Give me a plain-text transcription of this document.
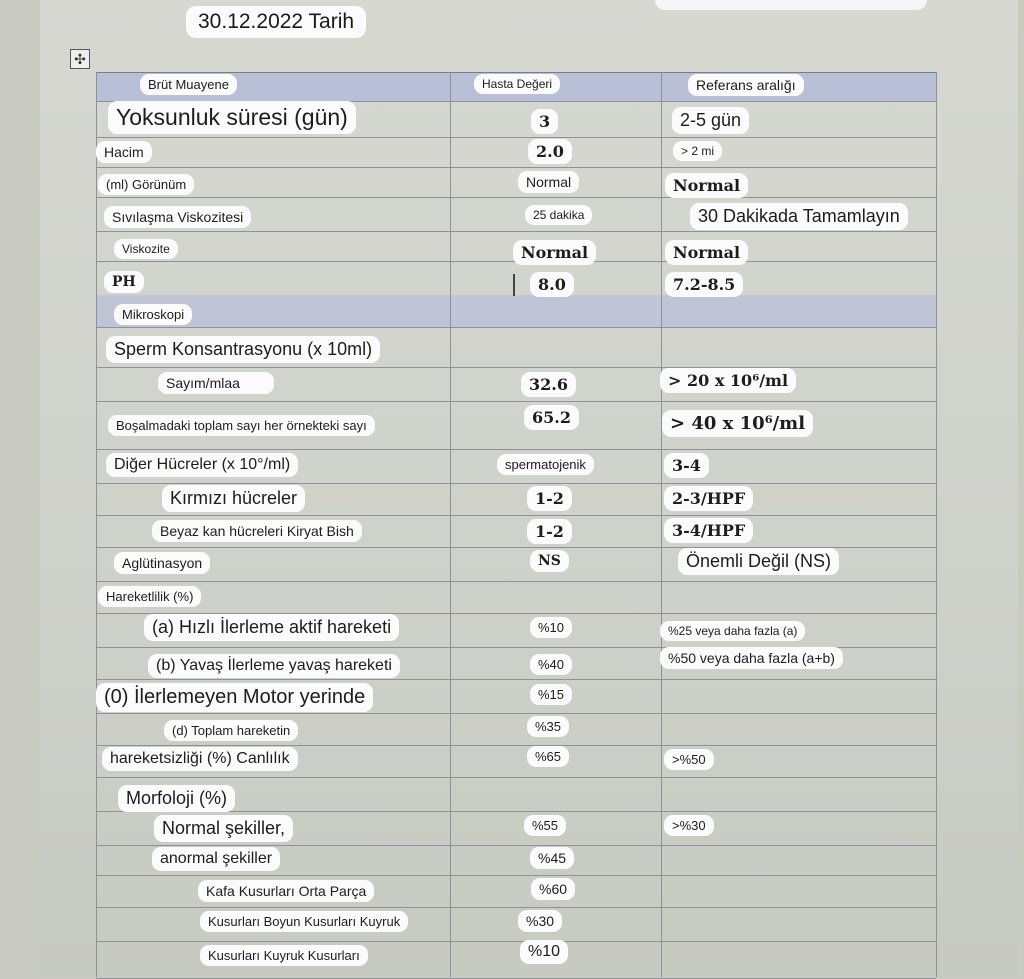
30.12.2022 Tarih
✣
Brüt Muayene	Hasta Değeri	Referans aralığı
Yoksunluk süresi (gün)	3	2-5 gün
Hacim	2.0	> 2 mi
(ml) Görünüm	Normal	Normal
Sıvılaşma Viskozitesi	25 dakika	30 Dakikada Tamamlayın
Viskozite	Normal	Normal
PH	8.0	7.2-8.5
Mikroskopi
Sperm Konsantrasyonu (x 10ml)
Sayım/mlaa	32.6	> 20 x 10⁶/ml
Boşalmadaki toplam sayı her örnekteki sayı	65.2	> 40 x 10⁶/ml
Diğer Hücreler (x 10°/ml)	spermatojenik	3-4
Kırmızı hücreler	1-2	2-3/HPF
Beyaz kan hücreleri Kiryat Bish	1-2	3-4/HPF
Aglütinasyon	NS	Önemli Değil (NS)
Hareketlilik (%)
(a) Hızlı İlerleme aktif hareketi	%10	%25 veya daha fazla (a)
(b) Yavaş İlerleme yavaş hareketi	%40	%50 veya daha fazla (a+b)
(0) İlerlemeyen Motor yerinde	%15
(d) Toplam hareketin	%35
hareketsizliği (%) Canlılık	%65	>%50
Morfoloji (%)
Normal şekiller,	%55	>%30
anormal şekiller	%45
Kafa Kusurları Orta Parça	%60
Kusurları Boyun Kusurları Kuyruk	%30
Kusurları Kuyruk Kusurları	%10
